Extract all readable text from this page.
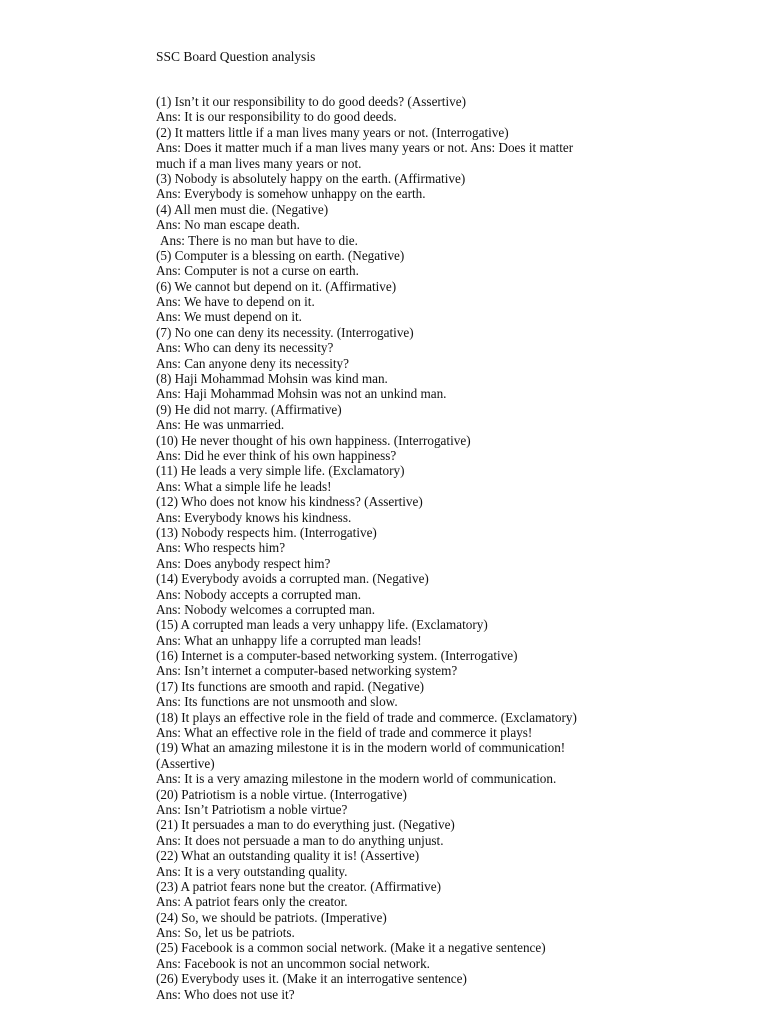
SSC Board Question analysis
(1) Isn’t it our responsibility to do good deeds? (Assertive)
Ans: It is our responsibility to do good deeds.
(2) It matters little if a man lives many years or not. (Interrogative)
Ans: Does it matter much if a man lives many years or not. Ans: Does it matter
much if a man lives many years or not.
(3) Nobody is absolutely happy on the earth. (Affirmative)
Ans: Everybody is somehow unhappy on the earth.
(4) All men must die. (Negative)
Ans: No man escape death.
Ans: There is no man but have to die.
(5) Computer is a blessing on earth. (Negative)
Ans: Computer is not a curse on earth.
(6) We cannot but depend on it. (Affirmative)
Ans: We have to depend on it.
Ans: We must depend on it.
(7) No one can deny its necessity. (Interrogative)
Ans: Who can deny its necessity?
Ans: Can anyone deny its necessity?
(8) Haji Mohammad Mohsin was kind man.
Ans: Haji Mohammad Mohsin was not an unkind man.
(9) He did not marry. (Affirmative)
Ans: He was unmarried.
(10) He never thought of his own happiness. (Interrogative)
Ans: Did he ever think of his own happiness?
(11) He leads a very simple life. (Exclamatory)
Ans: What a simple life he leads!
(12) Who does not know his kindness? (Assertive)
Ans: Everybody knows his kindness.
(13) Nobody respects him. (Interrogative)
Ans: Who respects him?
Ans: Does anybody respect him?
(14) Everybody avoids a corrupted man. (Negative)
Ans: Nobody accepts a corrupted man.
Ans: Nobody welcomes a corrupted man.
(15) A corrupted man leads a very unhappy life. (Exclamatory)
Ans: What an unhappy life a corrupted man leads!
(16) Internet is a computer-based networking system. (Interrogative)
Ans: Isn’t internet a computer-based networking system?
(17) Its functions are smooth and rapid. (Negative)
Ans: Its functions are not unsmooth and slow.
(18) It plays an effective role in the field of trade and commerce. (Exclamatory)
Ans: What an effective role in the field of trade and commerce it plays!
(19) What an amazing milestone it is in the modern world of communication!
(Assertive)
Ans: It is a very amazing milestone in the modern world of communication.
(20) Patriotism is a noble virtue. (Interrogative)
Ans: Isn’t Patriotism a noble virtue?
(21) It persuades a man to do everything just. (Negative)
Ans: It does not persuade a man to do anything unjust.
(22) What an outstanding quality it is! (Assertive)
Ans: It is a very outstanding quality.
(23) A patriot fears none but the creator. (Affirmative)
Ans: A patriot fears only the creator.
(24) So, we should be patriots. (Imperative)
Ans: So, let us be patriots.
(25) Facebook is a common social network. (Make it a negative sentence)
Ans: Facebook is not an uncommon social network.
(26) Everybody uses it. (Make it an interrogative sentence)
Ans: Who does not use it?
